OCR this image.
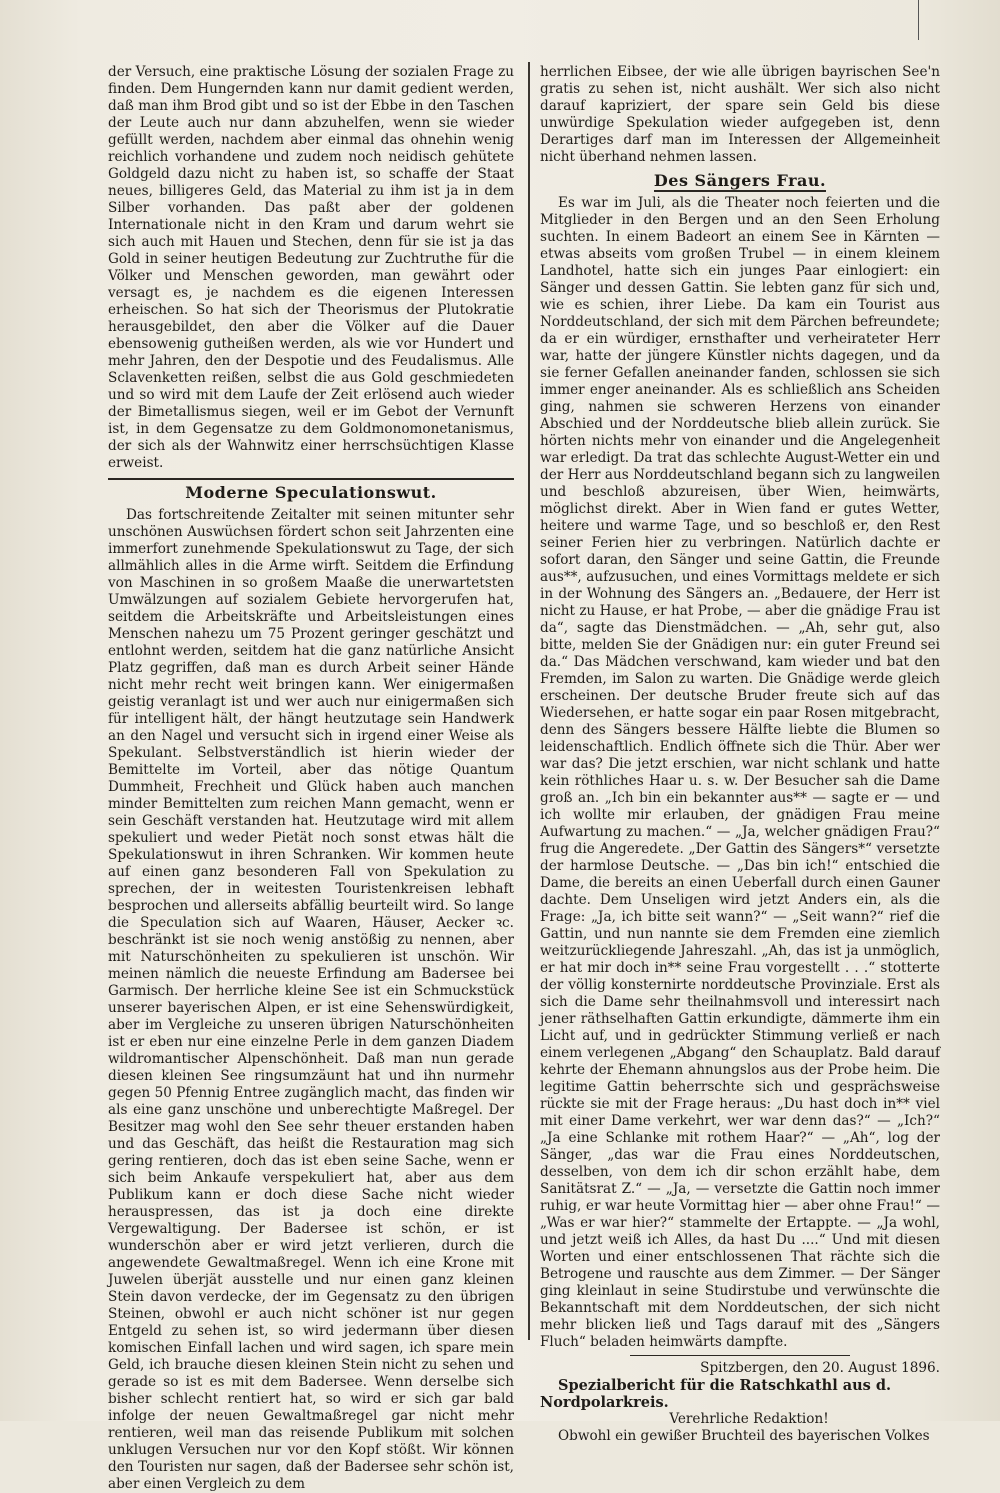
der Versuch, eine praktische Lösung der sozialen Frage zu finden. Dem Hungernden kann nur damit gedient werden, daß man ihm Brod gibt und so ist der Ebbe in den Taschen der Leute auch nur dann abzuhelfen, wenn sie wieder gefüllt werden, nachdem aber einmal das ohnehin wenig reichlich vorhandene und zudem noch neidisch gehütete Goldgeld dazu nicht zu haben ist, so schaffe der Staat neues, billigeres Geld, das Material zu ihm ist ja in dem Silber vorhanden. Das paßt aber der goldenen Internationale nicht in den Kram und darum wehrt sie sich auch mit Hauen und Stechen, denn für sie ist ja das Gold in seiner heutigen Bedeutung zur Zuchtruthe für die Völker und Menschen geworden, man gewährt oder versagt es, je nachdem es die eigenen Interessen erheischen. So hat sich der Theorismus der Plutokratie herausgebildet, den aber die Völker auf die Dauer ebensowenig gutheißen werden, als wie vor Hundert und mehr Jahren, den der Despotie und des Feudalismus. Alle Sclavenketten reißen, selbst die aus Gold geschmiedeten und so wird mit dem Laufe der Zeit erlösend auch wieder der Bimetallismus siegen, weil er im Gebot der Vernunft ist, in dem Gegensatze zu dem Goldmonomonetanismus, der sich als der Wahnwitz einer herrschsüchtigen Klasse erweist.

Moderne Speculationswut.

Das fortschreitende Zeitalter mit seinen mitunter sehr unschönen Auswüchsen fördert schon seit Jahrzenten eine immerfort zunehmende Spekulationswut zu Tage, der sich allmählich alles in die Arme wirft. Seitdem die Erfindung von Maschinen in so großem Maaße die unerwartetsten Umwälzungen auf sozialem Gebiete hervorgerufen hat, seitdem die Arbeitskräfte und Arbeitsleistungen eines Menschen nahezu um 75 Prozent geringer geschätzt und entlohnt werden, seitdem hat die ganz natürliche Ansicht Platz gegriffen, daß man es durch Arbeit seiner Hände nicht mehr recht weit bringen kann. Wer einigermaßen geistig veranlagt ist und wer auch nur einigermaßen sich für intelligent hält, der hängt heutzutage sein Handwerk an den Nagel und versucht sich in irgend einer Weise als Spekulant. Selbstverständlich ist hierin wieder der Bemittelte im Vorteil, aber das nötige Quantum Dummheit, Frechheit und Glück haben auch manchen minder Bemittelten zum reichen Mann gemacht, wenn er sein Geschäft verstanden hat. Heutzutage wird mit allem spekuliert und weder Pietät noch sonst etwas hält die Spekulationswut in ihren Schranken. Wir kommen heute auf einen ganz besonderen Fall von Spekulation zu sprechen, der in weitesten Touristenkreisen lebhaft besprochen und allerseits abfällig beurteilt wird. So lange die Speculation sich auf Waaren, Häuser, Aecker ꝛc. beschränkt ist sie noch wenig anstößig zu nennen, aber mit Naturschönheiten zu spekulieren ist unschön. Wir meinen nämlich die neueste Erfindung am Badersee bei Garmisch. Der herrliche kleine See ist ein Schmuckstück unserer bayerischen Alpen, er ist eine Sehenswürdigkeit, aber im Vergleiche zu unseren übrigen Naturschönheiten ist er eben nur eine einzelne Perle in dem ganzen Diadem wildromantischer Alpenschönheit. Daß man nun gerade diesen kleinen See ringsumzäunt hat und ihn nurmehr gegen 50 Pfennig Entree zugänglich macht, das finden wir als eine ganz unschöne und unberechtigte Maßregel. Der Besitzer mag wohl den See sehr theuer erstanden haben und das Geschäft, das heißt die Restauration mag sich gering rentieren, doch das ist eben seine Sache, wenn er sich beim Ankaufe verspekuliert hat, aber aus dem Publikum kann er doch diese Sache nicht wieder herauspressen, das ist ja doch eine direkte Vergewaltigung. Der Badersee ist schön, er ist wunderschön aber er wird jetzt verlieren, durch die angewendete Gewaltmaßregel. Wenn ich eine Krone mit Juwelen überjät ausstelle und nur einen ganz kleinen Stein davon verdecke, der im Gegensatz zu den übrigen Steinen, obwohl er auch nicht schöner ist nur gegen Entgeld zu sehen ist, so wird jedermann über diesen komischen Einfall lachen und wird sagen, ich spare mein Geld, ich brauche diesen kleinen Stein nicht zu sehen und gerade so ist es mit dem Badersee. Wenn derselbe sich bisher schlecht rentiert hat, so wird er sich gar bald infolge der neuen Gewaltmaßregel gar nicht mehr rentieren, weil man das reisende Publikum mit solchen unklugen Versuchen nur vor den Kopf stößt. Wir können den Touristen nur sagen, daß der Badersee sehr schön ist, aber einen Vergleich zu dem

herrlichen Eibsee, der wie alle übrigen bayrischen See'n gratis zu sehen ist, nicht aushält. Wer sich also nicht darauf kapriziert, der spare sein Geld bis diese unwürdige Spekulation wieder aufgegeben ist, denn Derartiges darf man im Interessen der Allgemeinheit nicht überhand nehmen lassen.

Des Sängers Frau.

Es war im Juli, als die Theater noch feierten und die Mitglieder in den Bergen und an den Seen Erholung suchten. In einem Badeort an einem See in Kärnten — etwas abseits vom großen Trubel — in einem kleinem Landhotel, hatte sich ein junges Paar einlogiert: ein Sänger und dessen Gattin. Sie lebten ganz für sich und, wie es schien, ihrer Liebe. Da kam ein Tourist aus Norddeutschland, der sich mit dem Pärchen befreundete; da er ein würdiger, ernsthafter und verheirateter Herr war, hatte der jüngere Künstler nichts dagegen, und da sie ferner Gefallen aneinander fanden, schlossen sie sich immer enger aneinander. Als es schließlich ans Scheiden ging, nahmen sie schweren Herzens von einander Abschied und der Norddeutsche blieb allein zurück. Sie hörten nichts mehr von einander und die Angelegenheit war erledigt. Da trat das schlechte August-Wetter ein und der Herr aus Norddeutschland begann sich zu langweilen und beschloß abzureisen, über Wien, heimwärts, möglichst direkt. Aber in Wien fand er gutes Wetter, heitere und warme Tage, und so beschloß er, den Rest seiner Ferien hier zu verbringen. Natürlich dachte er sofort daran, den Sänger und seine Gattin, die Freunde aus**, aufzusuchen, und eines Vormittags meldete er sich in der Wohnung des Sängers an. „Bedauere, der Herr ist nicht zu Hause, er hat Probe, — aber die gnädige Frau ist da“, sagte das Dienstmädchen. — „Ah, sehr gut, also bitte, melden Sie der Gnädigen nur: ein guter Freund sei da.“ Das Mädchen verschwand, kam wieder und bat den Fremden, im Salon zu warten. Die Gnädige werde gleich erscheinen. Der deutsche Bruder freute sich auf das Wiedersehen, er hatte sogar ein paar Rosen mitgebracht, denn des Sängers bessere Hälfte liebte die Blumen so leidenschaftlich. Endlich öffnete sich die Thür. Aber wer war das? Die jetzt erschien, war nicht schlank und hatte kein röthliches Haar u. s. w. Der Besucher sah die Dame groß an. „Ich bin ein bekannter aus** — sagte er — und ich wollte mir erlauben, der gnädigen Frau meine Aufwartung zu machen.“ — „Ja, welcher gnädigen Frau?“ frug die Angeredete. „Der Gattin des Sängers*“ versetzte der harmlose Deutsche. — „Das bin ich!“ entschied die Dame, die bereits an einen Ueberfall durch einen Gauner dachte. Dem Unseligen wird jetzt Anders ein, als die Frage: „Ja, ich bitte seit wann?“ — „Seit wann?“ rief die Gattin, und nun nannte sie dem Fremden eine ziemlich weitzurückliegende Jahreszahl. „Ah, das ist ja unmöglich, er hat mir doch in** seine Frau vorgestellt . . .“ stotterte der völlig konsternirte norddeutsche Provinziale. Erst als sich die Dame sehr theilnahmsvoll und interessirt nach jener räthselhaften Gattin erkundigte, dämmerte ihm ein Licht auf, und in gedrückter Stimmung verließ er nach einem verlegenen „Abgang“ den Schauplatz. Bald darauf kehrte der Ehemann ahnungslos aus der Probe heim. Die legitime Gattin beherrschte sich und gesprächsweise rückte sie mit der Frage heraus: „Du hast doch in** viel mit einer Dame verkehrt, wer war denn das?“ — „Ich?“ „Ja eine Schlanke mit rothem Haar?“ — „Ah“, log der Sänger, „das war die Frau eines Norddeutschen, desselben, von dem ich dir schon erzählt habe, dem Sanitätsrat Z.“ — „Ja, — versetzte die Gattin noch immer ruhig, er war heute Vormittag hier — aber ohne Frau!“ — „Was er war hier?“ stammelte der Ertappte. — „Ja wohl, und jetzt weiß ich Alles, da hast Du ....“ Und mit diesen Worten und einer entschlossenen That rächte sich die Betrogene und rauschte aus dem Zimmer. — Der Sänger ging kleinlaut in seine Studirstube und verwünschte die Bekanntschaft mit dem Norddeutschen, der sich nicht mehr blicken ließ und Tags darauf mit des „Sängers Fluch“ beladen heimwärts dampfte.

Spitzbergen, den 20. August 1896.

Spezialbericht für die Ratschkathl aus d. Nordpolarkreis.

Verehrliche Redaktion!

Obwohl ein gewißer Bruchteil des bayerischen Volkes
